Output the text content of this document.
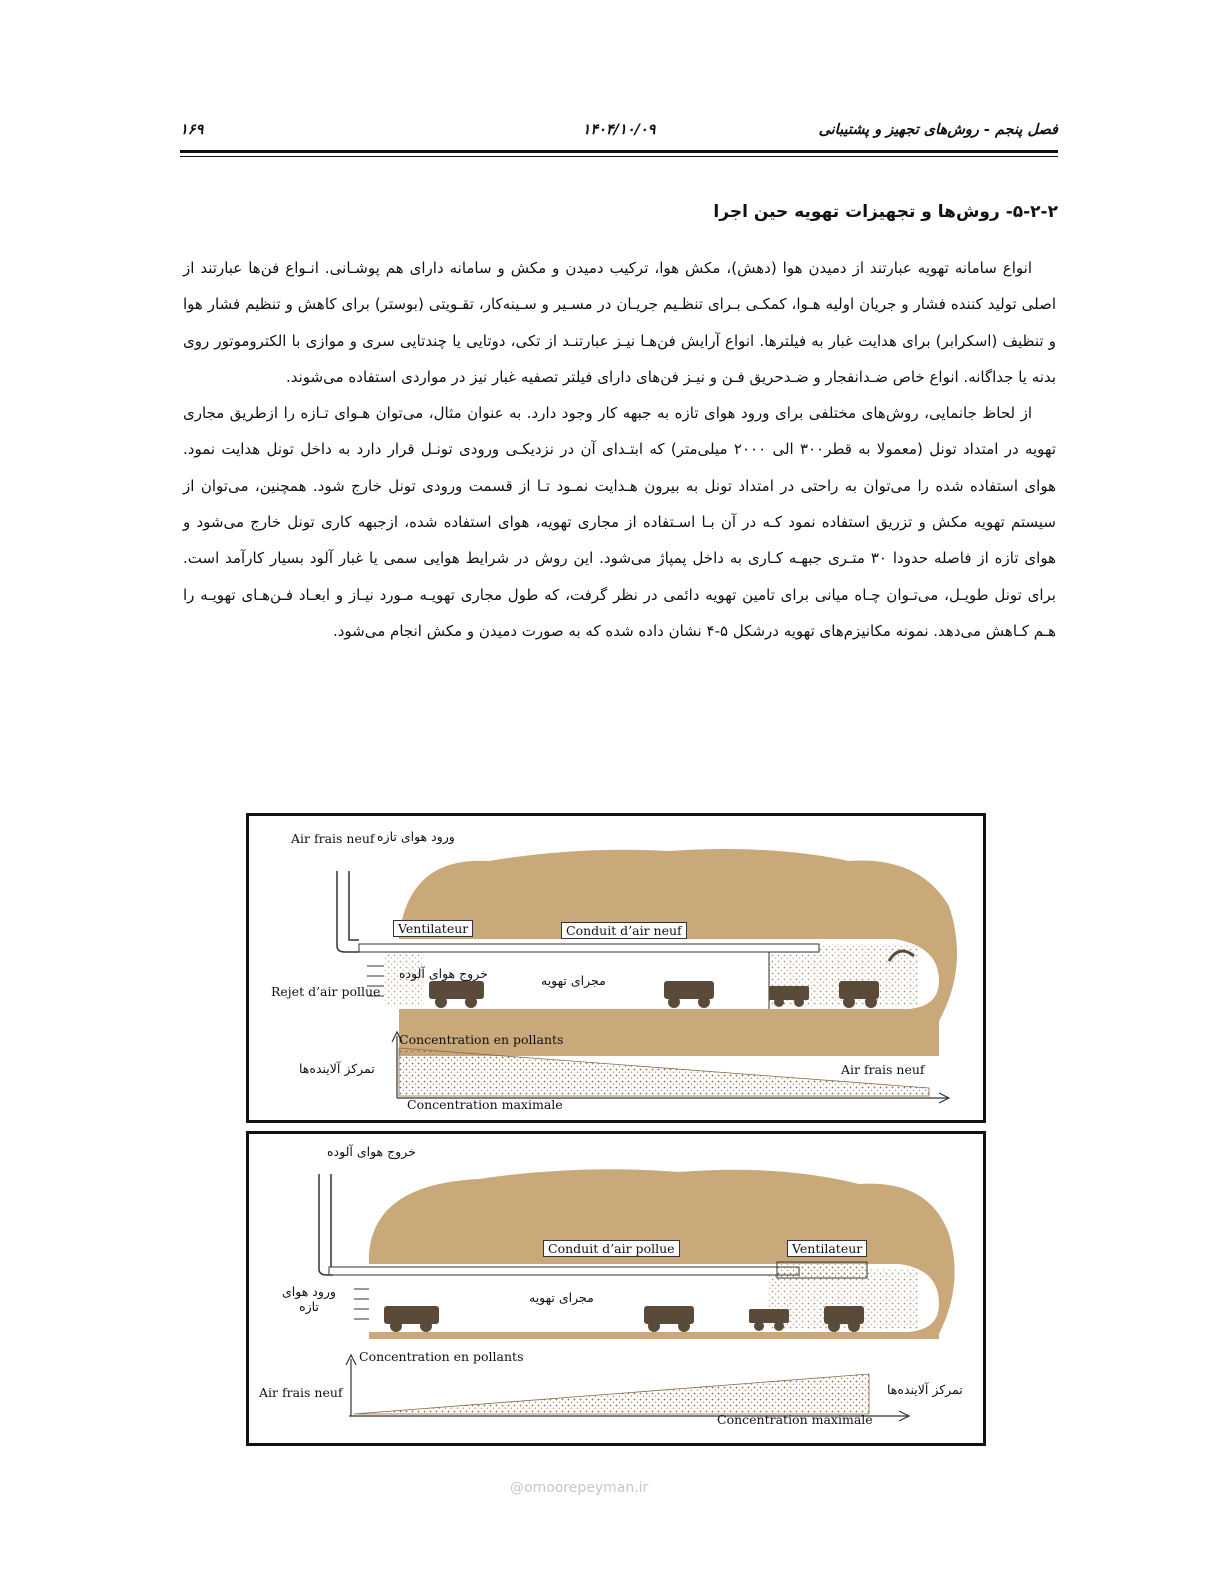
فصل پنجم - روش‌های تجهیز و پشتیبانی
۱۴۰۴/۱۰/۰۹
۱۶۹
۵-۲-۲- روش‌ها و تجهیزات تهویه حین اجرا

انواع سامانه تهویه عبارتند از دمیدن هوا (دهش)، مکش هوا، ترکیب دمیدن و مکش و سامانه دارای هم پوشـانی. انـواع فن‌ها عبارتند از اصلی تولید کننده فشار و جریان اولیه هـوا، کمکـی بـرای تنظـیم جریـان در مسـیر و سـینه‌کار، تقـویتی (بوستر) برای کاهش و تنظیم فشار هوا و تنظیف (اسکرابر) برای هدایت غبار به فیلترها. انواع آرایش فن‌هـا نیـز عبارتنـد از تکی، دوتایی یا چندتایی سری و موازی با الکتروموتور روی بدنه یا جداگانه. انواع خاص ضـدانفجار و ضـدحریق فـن و نیـز فن‌های دارای فیلتر تصفیه غبار نیز در مواردی استفاده می‌شوند.

از لحاظ جانمایی، روش‌های مختلفی برای ورود هوای تازه به جبهه کار وجود دارد. به عنوان مثال، می‌توان هـوای تـازه را ازطریق مجاری تهویه در امتداد تونل (معمولا به قطر۳۰۰ الی ۲۰۰۰ میلی‌متر) که ابتـدای آن در نزدیکـی ورودی تونـل قرار دارد به داخل تونل هدایت نمود. هوای استفاده شده را می‌توان به راحتی در امتداد تونل به بیرون هـدایت نمـود تـا از قسمت ورودی تونل خارج شود. همچنین، می‌توان از سیستم تهویه مکش و تزریق استفاده نمود کـه در آن بـا اسـتفاده از مجاری تهویه، هوای استفاده شده، ازجبهه کاری تونل خارج می‌شود و هوای تازه از فاصله حدودا ۳۰ متـری جبهـه کـاری به داخل پمپاژ می‌شود. این روش در شرایط هوایی سمی یا غبار آلود بسیار کارآمد است. برای تونل طویـل، می‌تـوان چـاه میانی برای تامین تهویه دائمی در نظر گرفت، که طول مجاری تهویـه مـورد نیـاز و ابعـاد فـن‌هـای تهویـه را هـم کـاهش می‌دهد. نمونه مکانیزم‌های تهویه درشکل ۵-۴ نشان داده شده که به صورت دمیدن و مکش انجام می‌شود.

Air frais neuf ورود هوای تازه
Ventilateur	Conduit d’air neuf
خروج هوای آلوده	مجرای تهویه
Rejet d’air pollue
Concentration en pollants
تمرکز آلاینده‌ها	Air frais neuf
Concentration maximale
خروج هوای آلوده
Conduit d’air pollue	Ventilateur
ورود هوای تازه
مجرای تهویه
Concentration en pollants
Air frais neuf	تمرکز آلاینده‌ها
Concentration maximale
@omoorepeyman.ir
